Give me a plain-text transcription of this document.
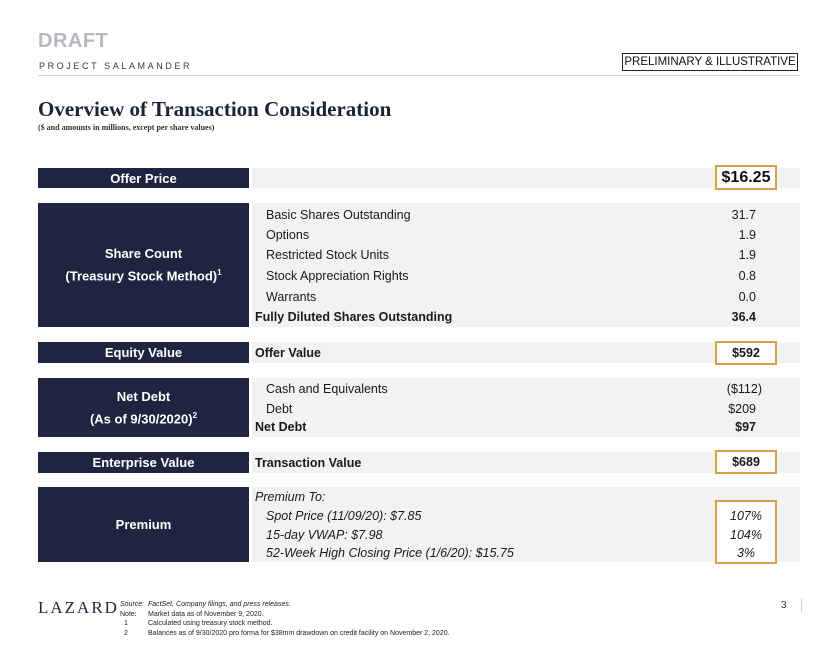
DRAFT
PROJECT SALAMANDER	PRELIMINARY & ILLUSTRATIVE
Overview of Transaction Consideration
($ and amounts in millions, except per share values)
Offer Price	$16.25
Share Count
(Treasury Stock Method)$^1$
Basic Shares Outstanding	31.7
Options	1.9
Restricted Stock Units	1.9
Stock Appreciation Rights	0.8
Warrants	0.0
Fully Diluted Shares Outstanding	36.4
Equity Value	Offer Value	$592
Net Debt
(As of 9/30/2020)$^2$
Cash and Equivalents	($112)
Debt	$209
Net Debt	$97
Enterprise Value	Transaction Value	$689
Premium
Premium To:
Spot Price (11/09/20): $7.85	107%
15-day VWAP: $7.98	104%
52-Week High Closing Price (1/6/20): $15.75	3%
LAZARD Source: FactSet, Company filings, and press releases.
Note: Market data as of November 9, 2020.
1	Calculated using treasury stock method.
2	Balances as of 9/30/2020 pro forma for $38mm drawdown on credit facility on November 2, 2020.
3
